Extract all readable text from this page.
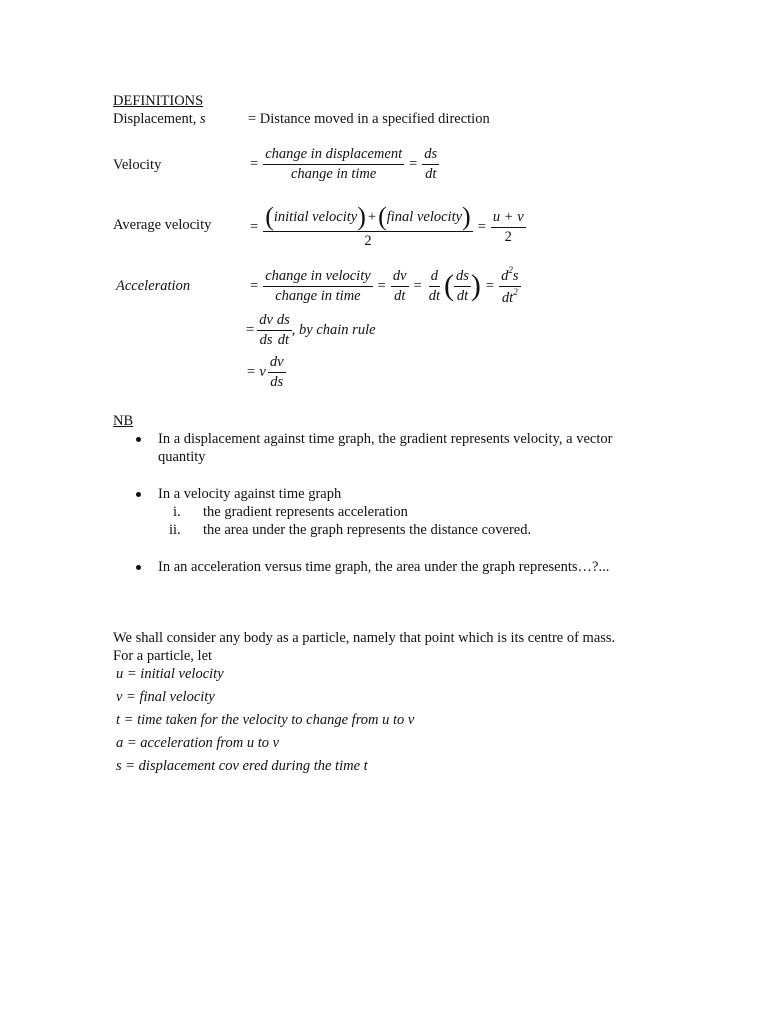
DEFINITIONS
Displacement, s	= Distance moved in a specified direction
Velocity	= $\frac{\text{change in displacement}}{\text{change in time}} = \frac{ds}{dt}$
Average velocity	= $\frac{\text{( initial velocity ) + ( final velocity )}}{2} = \frac{u + v}{2}$
Acceleration	= $\frac{\text{change in velocity}}{\text{change in time}} = \frac{dv}{dt} = \frac{d}{dt}$ ( $\frac{ds}{dt}$ ) = $\frac{d^2s}{dt^2}$
= $\frac{dv}{ds} \frac{ds}{dt}$ , by chain rule
= v $\frac{dv}{ds}$
NB
In a displacement against time graph, the gradient represents velocity, a vector
quantity
In a velocity against time graph
i. the gradient represents acceleration
ii. the area under the graph represents the distance covered.
In an acceleration versus time graph, the area under the graph represents…?...
We shall consider any body as a particle, namely that point which is its centre of mass.
For a particle, let
u = initial velocity
v = final velocity
t = time taken for the velocity to change from u to v
a = acceleration from u to v
s = displacement cov ered during the time t
